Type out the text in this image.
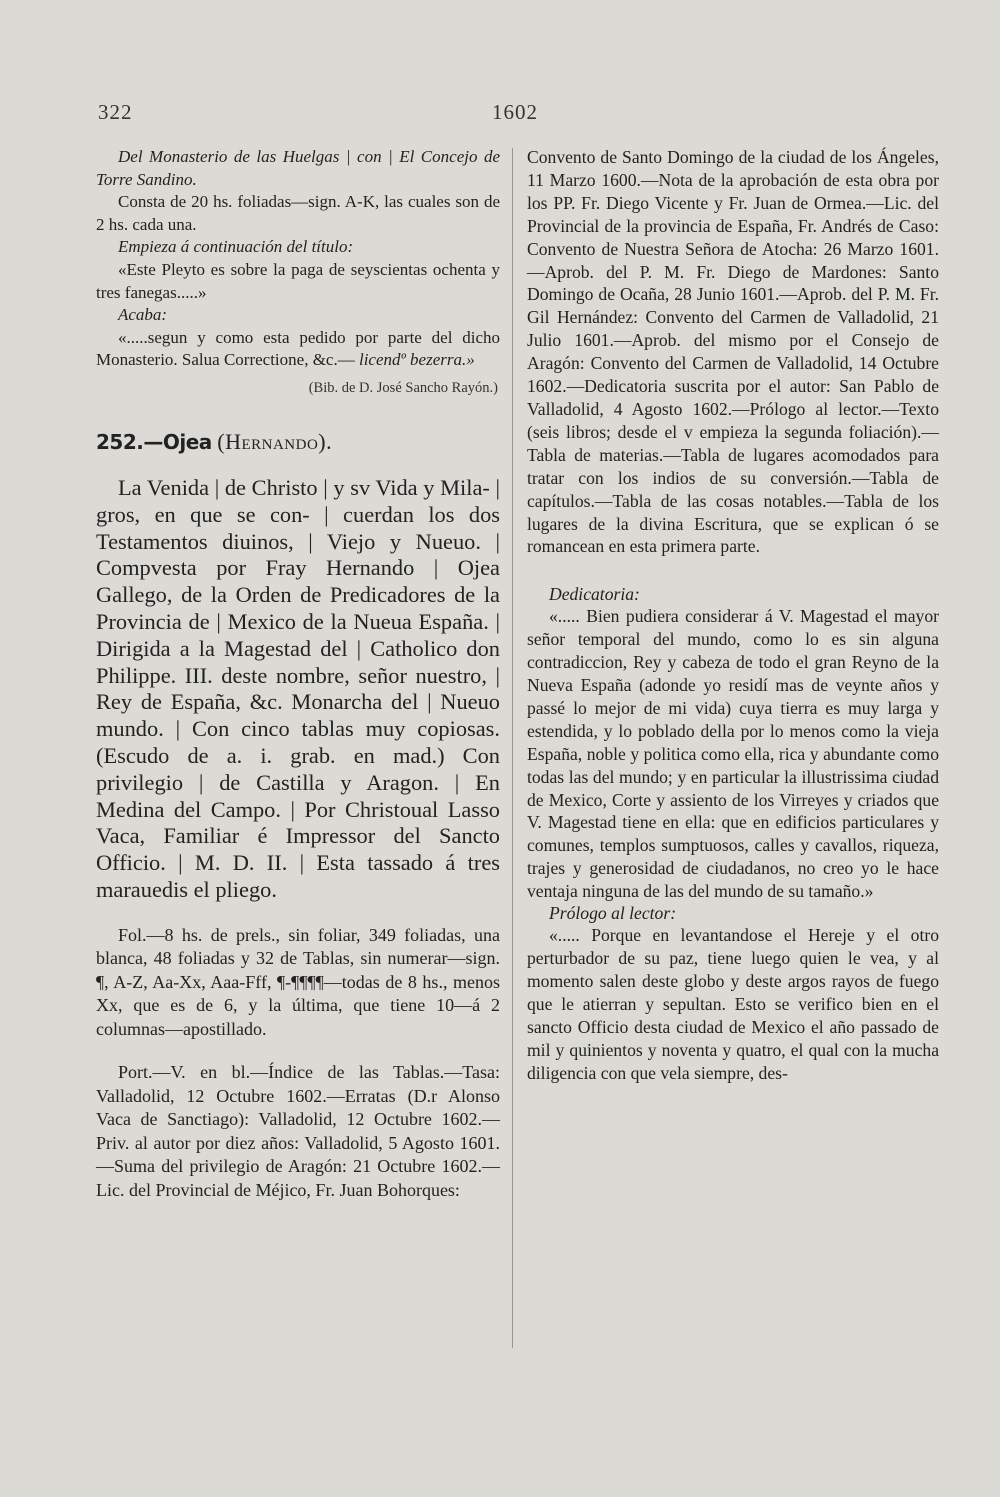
322	1602

Del Monasterio de las Huelgas | con | El Concejo de Torre Sandino.

Consta de 20 hs. foliadas—sign. A-K, las cuales son de 2 hs. cada una.

Empieza á continuación del título:

«Este Pleyto es sobre la paga de seyscientas ochenta y tres fanegas.....»

Acaba:

«.....segun y como esta pedido por parte del dicho Monasterio. Salua Correctione, &c.— licendº bezerra.»

(Bib. de D. José Sancho Rayón.)

252.—Ojea (Hernando).

La Venida | de Christo | y sv Vida y Mila- | gros, en que se con- | cuerdan los dos Testamentos diuinos, | Viejo y Nueuo. | Compvesta por Fray Hernando | Ojea Gallego, de la Orden de Predicadores de la Provincia de | Mexico de la Nueua España. | Dirigida a la Magestad del | Catholico don Philippe. III. deste nombre, señor nuestro, | Rey de España, &c. Monarcha del | Nueuo mundo. | Con cinco tablas muy copiosas. (Escudo de a. i. grab. en mad.) Con privilegio | de Castilla y Aragon. | En Medina del Campo. | Por Christoual Lasso Vaca, Familiar é Impressor del Sancto Officio. | M. D. II. | Esta tassado á tres marauedis el pliego.

Fol.—8 hs. de prels., sin foliar, 349 foliadas, una blanca, 48 foliadas y 32 de Tablas, sin numerar—sign. ¶, A-Z, Aa-Xx, Aaa-Fff, ¶-¶¶¶¶—todas de 8 hs., menos Xx, que es de 6, y la última, que tiene 10—á 2 columnas—apostillado.

Port.—V. en bl.—Índice de las Tablas.—Tasa: Valladolid, 12 Octubre 1602.—Erratas (D.r Alonso Vaca de Sanctiago): Valladolid, 12 Octubre 1602.—Priv. al autor por diez años: Valladolid, 5 Agosto 1601.—Suma del privilegio de Aragón: 21 Octubre 1602.—Lic. del Provincial de Méjico, Fr. Juan Bohorques:

Convento de Santo Domingo de la ciudad de los Ángeles, 11 Marzo 1600.—Nota de la aprobación de esta obra por los PP. Fr. Diego Vicente y Fr. Juan de Ormea.—Lic. del Provincial de la provincia de España, Fr. Andrés de Caso: Convento de Nuestra Señora de Atocha: 26 Marzo 1601.—Aprob. del P. M. Fr. Diego de Mardones: Santo Domingo de Ocaña, 28 Junio 1601.—Aprob. del P. M. Fr. Gil Hernández: Convento del Carmen de Valladolid, 21 Julio 1601.—Aprob. del mismo por el Consejo de Aragón: Convento del Carmen de Valladolid, 14 Octubre 1602.—Dedicatoria suscrita por el autor: San Pablo de Valladolid, 4 Agosto 1602.—Prólogo al lector.—Texto (seis libros; desde el v empieza la segunda foliación).—Tabla de materias.—Tabla de lugares acomodados para tratar con los indios de su conversión.—Tabla de capítulos.—Tabla de las cosas notables.—Tabla de los lugares de la divina Escritura, que se explican ó se romancean en esta primera parte.

Dedicatoria:

«..... Bien pudiera considerar á V. Magestad el mayor señor temporal del mundo, como lo es sin alguna contradiccion, Rey y cabeza de todo el gran Reyno de la Nueva España (adonde yo residí mas de veynte años y passé lo mejor de mi vida) cuya tierra es muy larga y estendida, y lo poblado della por lo menos como la vieja España, noble y politica como ella, rica y abundante como todas las del mundo; y en particular la illustrissima ciudad de Mexico, Corte y assiento de los Virreyes y criados que V. Magestad tiene en ella: que en edificios particulares y comunes, templos sumptuosos, calles y cavallos, riqueza, trajes y generosidad de ciudadanos, no creo yo le hace ventaja ninguna de las del mundo de su tamaño.»

Prólogo al lector:

«..... Porque en levantandose el Hereje y el otro perturbador de su paz, tiene luego quien le vea, y al momento salen deste globo y deste argos rayos de fuego que le atierran y sepultan. Esto se verifico bien en el sancto Officio desta ciudad de Mexico el año passado de mil y quinientos y noventa y quatro, el qual con la mucha diligencia con que vela siempre, des-
